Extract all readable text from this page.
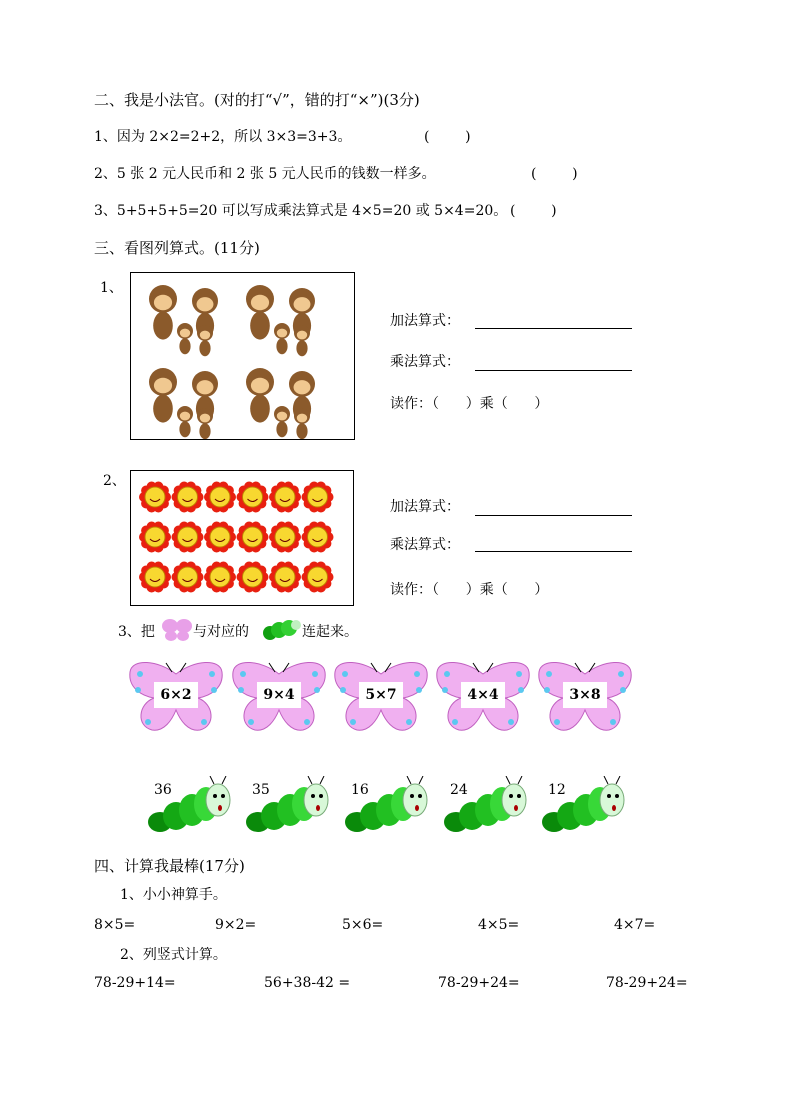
二、我是小法官。(对的打“√”，错的打“×”)(3分)
1、因为 2×2=2+2，所以 3×3=3+3。	(        )
2、5 张 2 元人民币和 2 张 5 元人民币的钱数一样多。	(        )
3、5+5+5+5=20 可以写成乘法算式是 4×5=20 或 5×4=20。 (        )
三、看图列算式。(11分)
1、
加法算式：
乘法算式：
读作：（      ）乘（      ）
2、
加法算式：
乘法算式：
读作：（      ）乘（      ）
3、把	与对应的	连起来。
6×2	9×4	5×7	4×4	3×8
36	35	16	24	12
四、计算我最棒(17分)
1、小小神算手。
8×5=	9×2=	5×6=	4×5=	4×7=
2、列竖式计算。
78-29+14=	56+38-42 =	78-29+24=	78-29+24=
